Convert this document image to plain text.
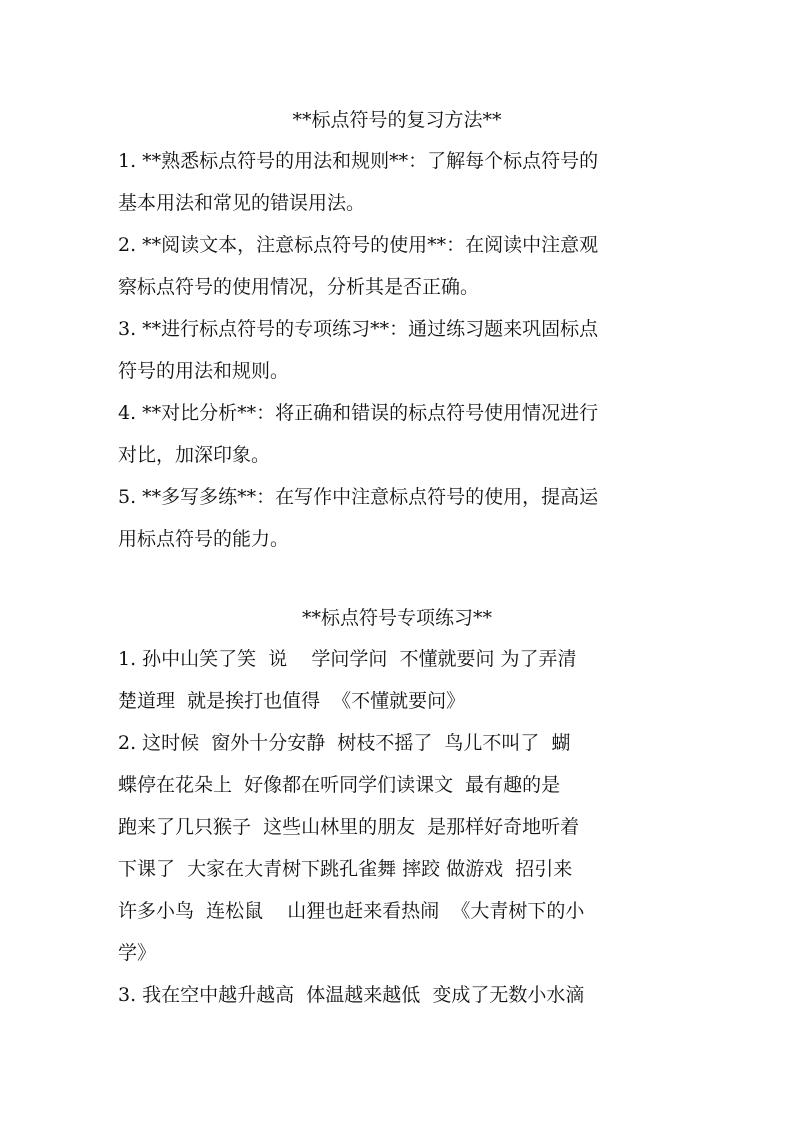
**标点符号的复习方法**
1. **熟悉标点符号的用法和规则**：了解每个标点符号的
基本用法和常见的错误用法。
2. **阅读文本，注意标点符号的使用**：在阅读中注意观
察标点符号的使用情况，分析其是否正确。
3. **进行标点符号的专项练习**：通过练习题来巩固标点
符号的用法和规则。
4. **对比分析**：将正确和错误的标点符号使用情况进行
对比，加深印象。
5. **多写多练**：在写作中注意标点符号的使用，提高运
用标点符号的能力。
**标点符号专项练习**
1. 孙中山笑了笑  说    学问学问  不懂就要问 为了弄清
楚道理  就是挨打也值得  《不懂就要问》
2. 这时候  窗外十分安静  树枝不摇了  鸟儿不叫了  蝴
蝶停在花朵上  好像都在听同学们读课文  最有趣的是
跑来了几只猴子  这些山林里的朋友  是那样好奇地听着
下课了  大家在大青树下跳孔雀舞 摔跤 做游戏  招引来
许多小鸟  连松鼠    山狸也赶来看热闹  《大青树下的小
学》
3. 我在空中越升越高  体温越来越低  变成了无数小水滴
